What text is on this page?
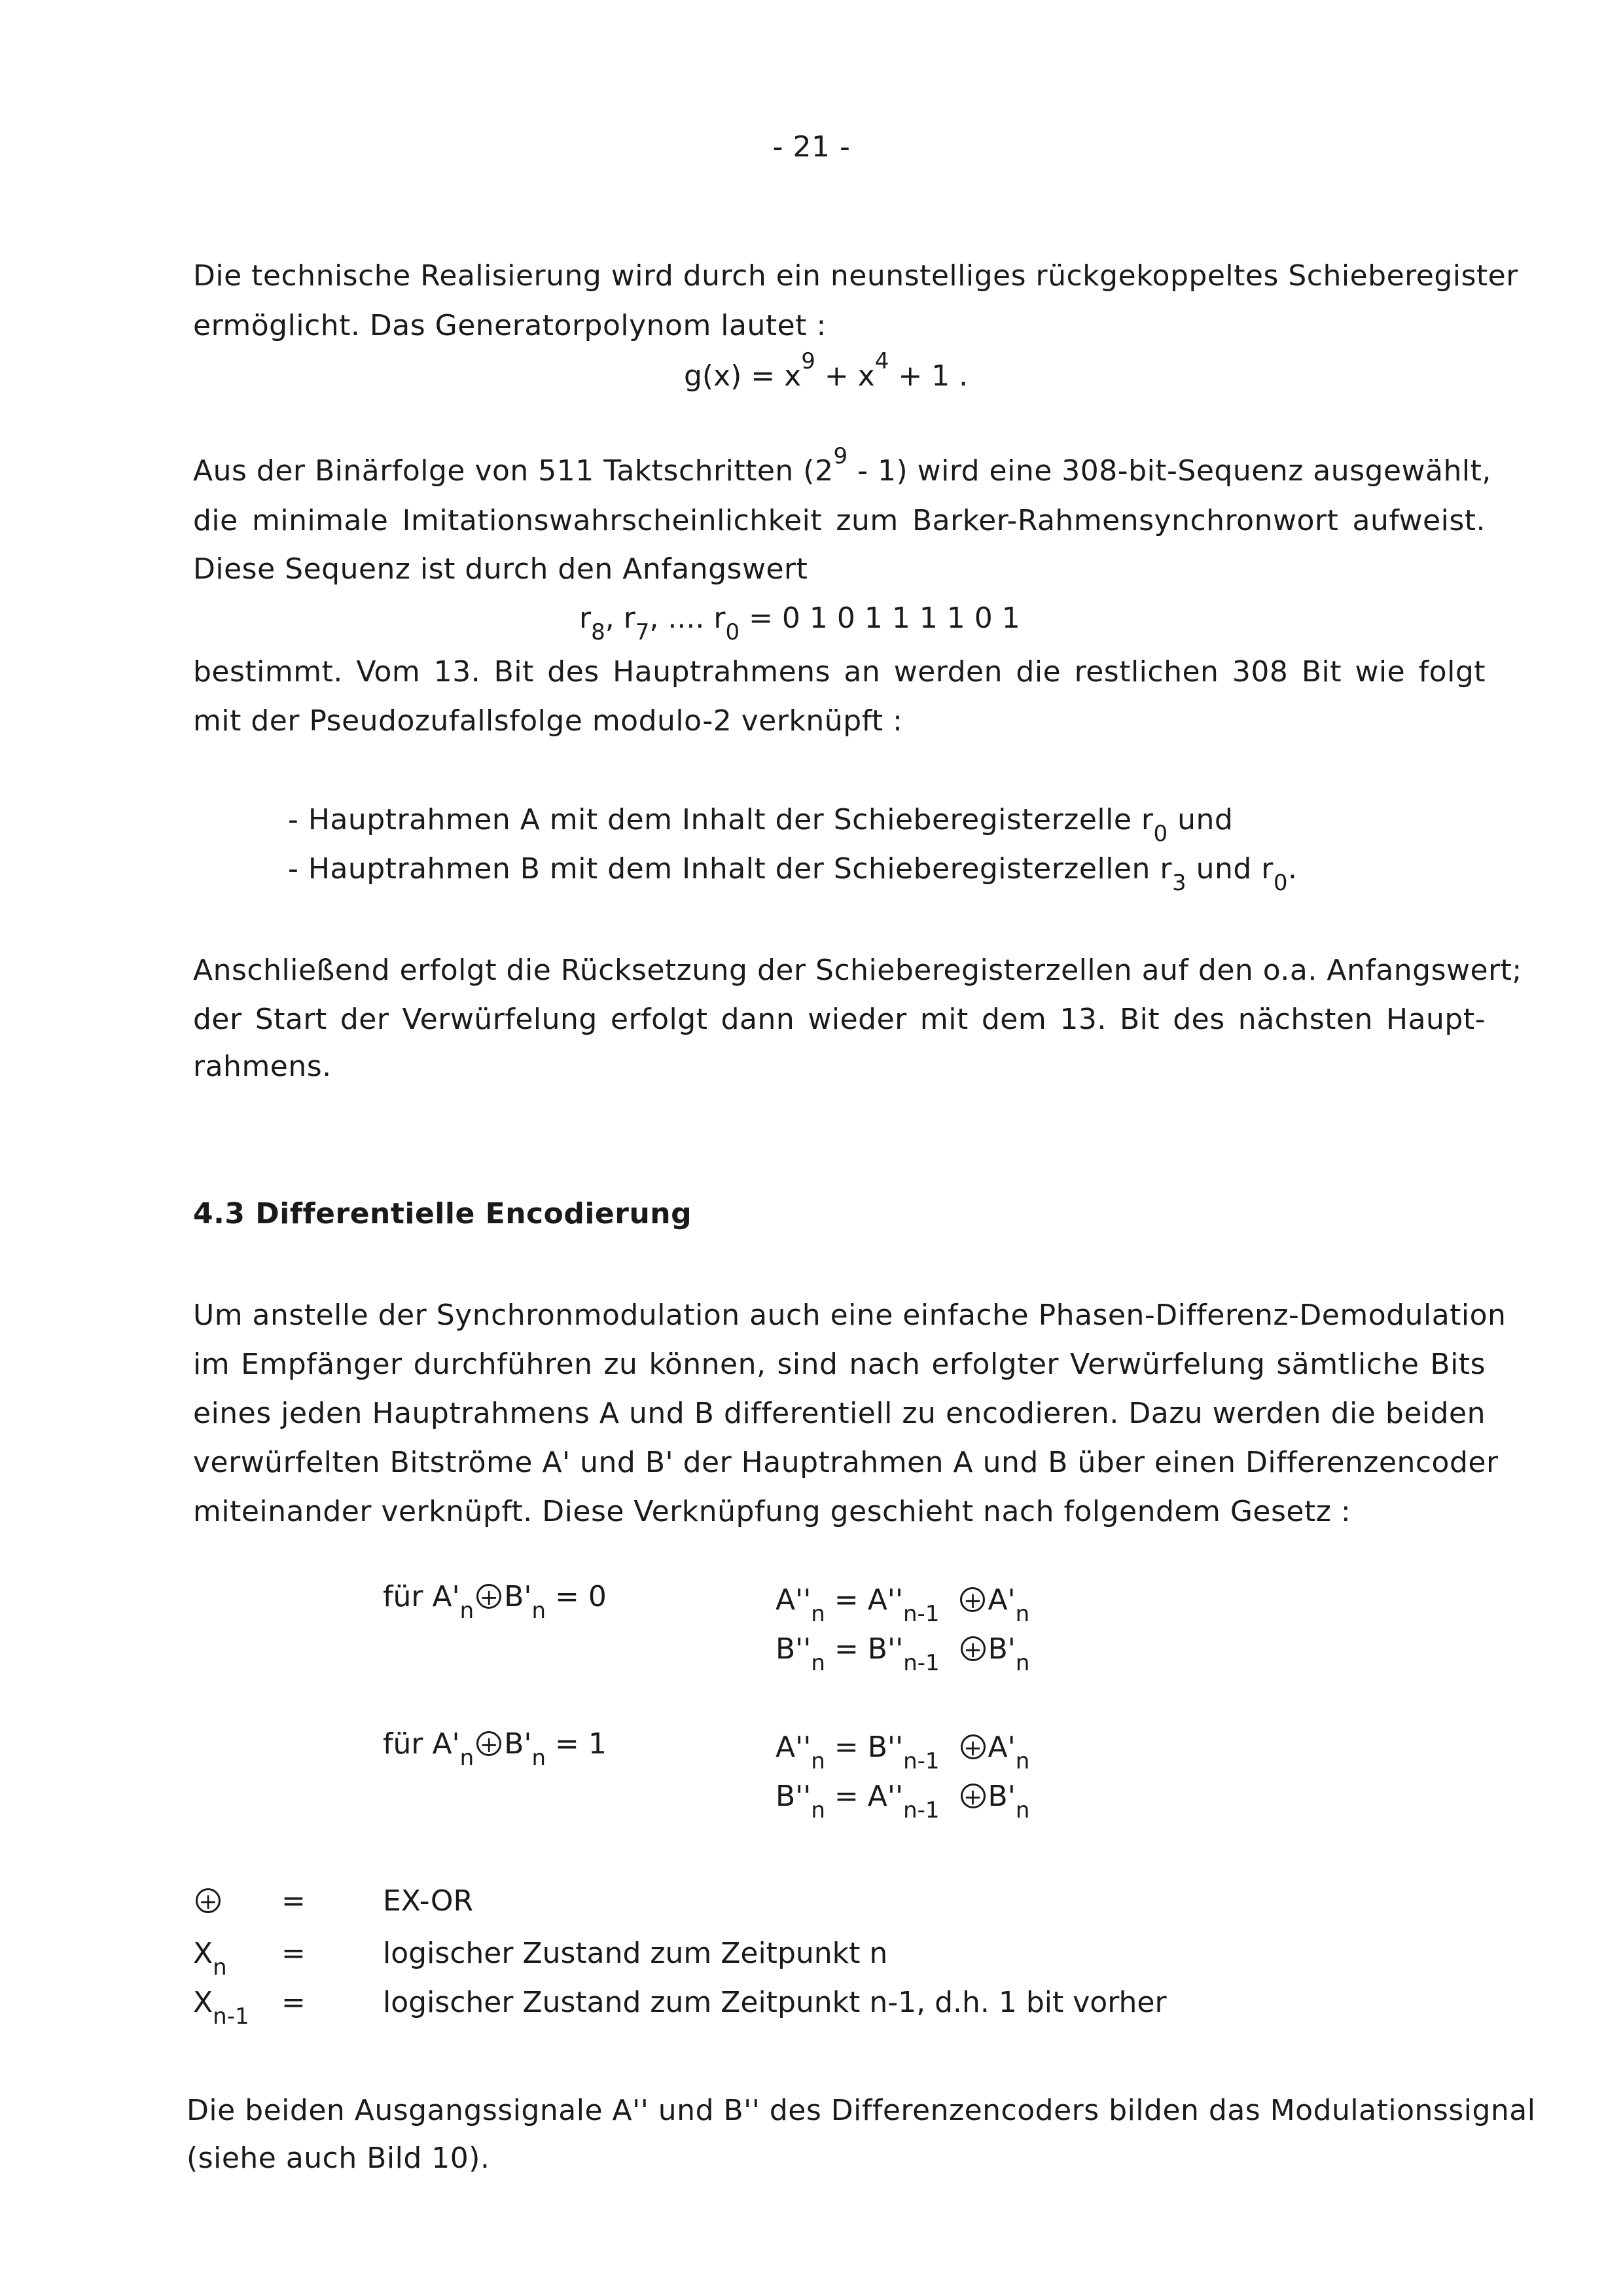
- 21 -
Die technische Realisierung wird durch ein neunstelliges rückgekoppeltes Schieberegister
ermöglicht. Das Generatorpolynom lautet :
$g(x) = x^9 + x^4 + 1$ .
Aus der Binärfolge von 511 Taktschritten $(2^9 - 1)$ wird eine 308-bit-Sequenz ausgewählt,
die minimale Imitationswahrscheinlichkeit zum Barker-Rahmensynchronwort aufweist.
Diese Sequenz ist durch den Anfangswert
$r_8$, $r_7$, .... $r_0 = 0$ 1 0 1 1 1 1 0 1
bestimmt. Vom 13. Bit des Hauptrahmens an werden die restlichen 308 Bit wie folgt
mit der Pseudozufallsfolge modulo-2 verknüpft :
- Hauptrahmen A mit dem Inhalt der Schieberegisterzelle $r_0$ und
- Hauptrahmen B mit dem Inhalt der Schieberegisterzellen $r_3$ und $r_0$.
Anschließend erfolgt die Rücksetzung der Schieberegisterzellen auf den o.a. Anfangswert;
der Start der Verwürfelung erfolgt dann wieder mit dem 13. Bit des nächsten Haupt-
rahmens.
4.3 Differentielle Encodierung
Um anstelle der Synchronmodulation auch eine einfache Phasen-Differenz-Demodulation
im Empfänger durchführen zu können, sind nach erfolgter Verwürfelung sämtliche Bits
eines jeden Hauptrahmens A und B differentiell zu encodieren. Dazu werden die beiden
verwürfelten Bitströme A' und B' der Hauptrahmen A und B über einen Differenzencoder
miteinander verknüpft. Diese Verknüpfung geschieht nach folgendem Gesetz :
für $A'_n + B'_n = 0$	$A''_n = A''_{n-1} + A'_n$
$B''_n = B''_{n-1} + B'_n$
für $A'_n + B'_n = 1$	$A''_n = B''_{n-1} + A'_n$
$B''_n = A''_{n-1} + B'_n$
+ =	EX-OR
$X_n$ =	logischer Zustand zum Zeitpunkt n
$X_{n-1}$ =	logischer Zustand zum Zeitpunkt n-1, d.h. 1 bit vorher
Die beiden Ausgangssignale A'' und B'' des Differenzencoders bilden das Modulationssignal
(siehe auch Bild 10).
